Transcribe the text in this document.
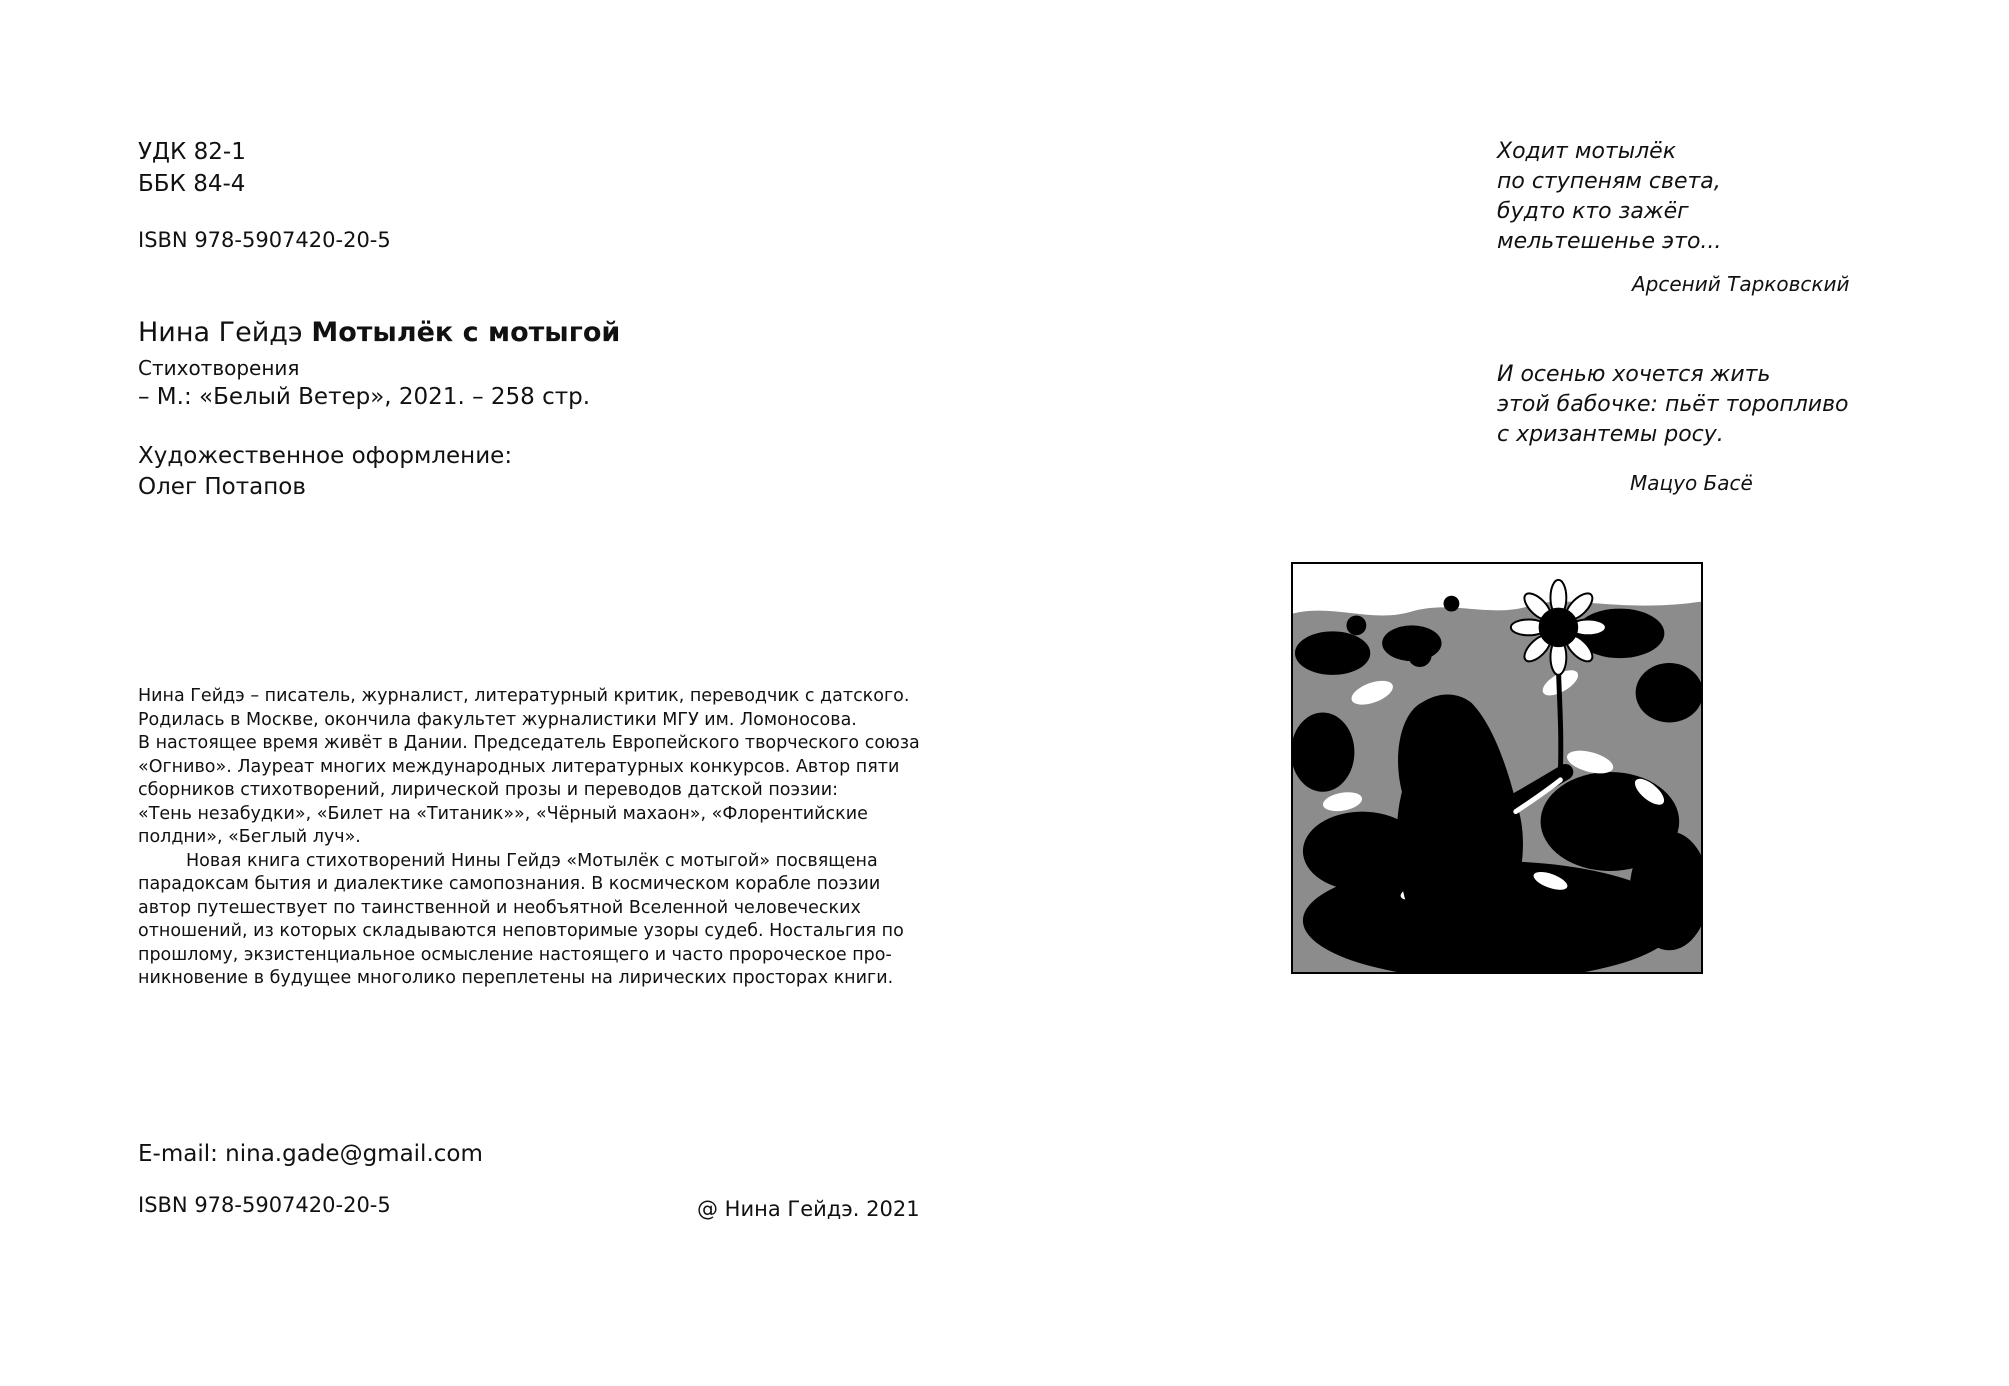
УДК 82-1
ББК 84-4
ISBN 978-5907420-20-5
Нина Гейдэ Мотылёк с мотыгой
Стихотворения
– М.: «Белый Ветер», 2021. – 258 стр.
Художественное оформление:
Олег Потапов
Нина Гейдэ – писатель, журналист, литературный критик, переводчик с датского.
Родилась в Москве, окончила факультет журналистики МГУ им. Ломоносова.
В настоящее время живёт в Дании. Председатель Европейского творческого союза
«Огниво». Лауреат многих международных литературных конкурсов. Автор пяти
сборников стихотворений, лирической прозы и переводов датской поэзии:
«Тень незабудки», «Билет на «Титаник»», «Чёрный махаон», «Флорентийские
полдни», «Беглый луч».
Новая книга стихотворений Нины Гейдэ «Мотылёк с мотыгой» посвящена
парадоксам бытия и диалектике самопознания. В космическом корабле поэзии
автор путешествует по таинственной и необъятной Вселенной человеческих
отношений, из которых складываются неповторимые узоры судеб. Ностальгия по
прошлому, экзистенциальное осмысление настоящего и часто пророческое про-
никновение в будущее многолико переплетены на лирических просторах книги.
E-mail: nina.gade@gmail.com
ISBN 978-5907420-20-5	@ Нина Гейдэ. 2021
Ходит мотылёк
по ступеням света,
будто кто зажёг
мельтешенье это...
Арсений Тарковский
И осенью хочется жить
этой бабочке: пьёт торопливо
с хризантемы росу.
Мацуо Басё
